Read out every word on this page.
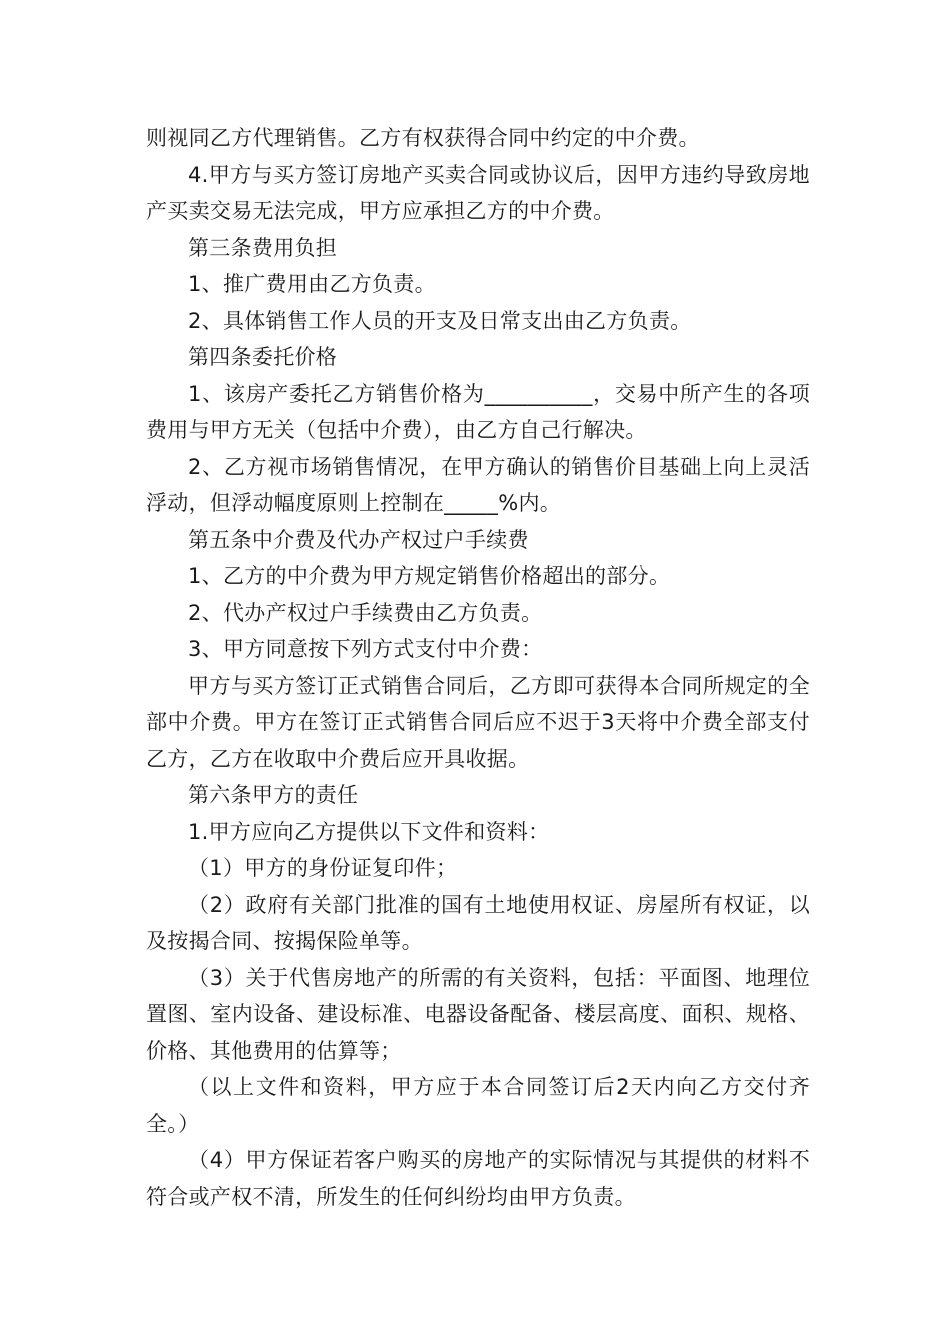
则视同乙方代理销售。乙方有权获得合同中约定的中介费。

4.甲方与买方签订房地产买卖合同或协议后，因甲方违约导致房地产买卖交易无法完成，甲方应承担乙方的中介费。

第三条费用负担

1、推广费用由乙方负责。

2、具体销售工作人员的开支及日常支出由乙方负责。

第四条委托价格

1、该房产委托乙方销售价格为__________，交易中所产生的各项费用与甲方无关（包括中介费），由乙方自己行解决。

2、乙方视市场销售情况，在甲方确认的销售价目基础上向上灵活浮动，但浮动幅度原则上控制在_____%内。

第五条中介费及代办产权过户手续费

1、乙方的中介费为甲方规定销售价格超出的部分。

2、代办产权过户手续费由乙方负责。

3、甲方同意按下列方式支付中介费：

甲方与买方签订正式销售合同后，乙方即可获得本合同所规定的全部中介费。甲方在签订正式销售合同后应不迟于3天将中介费全部支付乙方，乙方在收取中介费后应开具收据。

第六条甲方的责任

1.甲方应向乙方提供以下文件和资料：

（1）甲方的身份证复印件；

（2）政府有关部门批准的国有土地使用权证、房屋所有权证，以及按揭合同、按揭保险单等。

（3）关于代售房地产的所需的有关资料，包括：平面图、地理位置图、室内设备、建设标准、电器设备配备、楼层高度、面积、规格、价格、其他费用的估算等；

（以上文件和资料，甲方应于本合同签订后2天内向乙方交付齐全。）

（4）甲方保证若客户购买的房地产的实际情况与其提供的材料不符合或产权不清，所发生的任何纠纷均由甲方负责。
